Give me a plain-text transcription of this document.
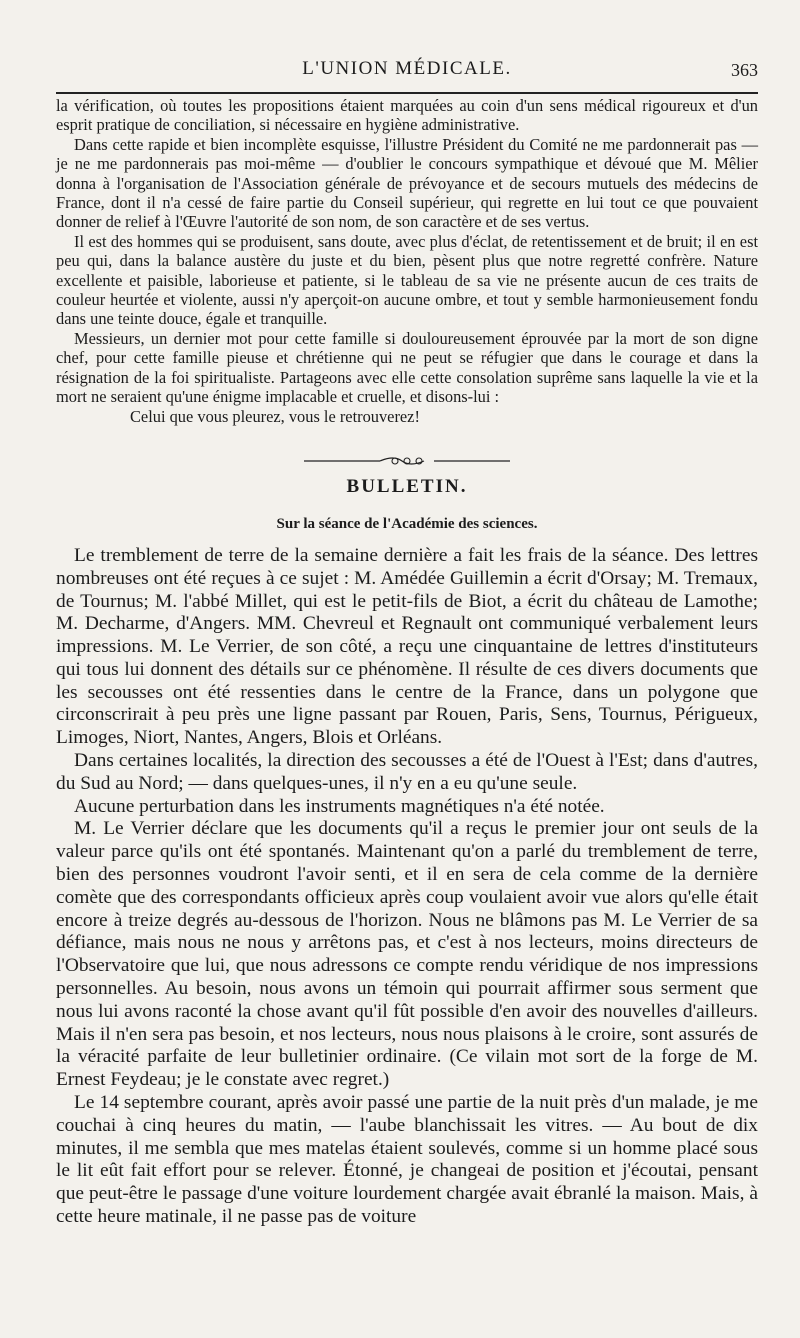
L'UNION MÉDICALE.	363

la vérification, où toutes les propositions étaient marquées au coin d'un sens médical rigoureux et d'un esprit pratique de conciliation, si nécessaire en hygiène administrative.

Dans cette rapide et bien incomplète esquisse, l'illustre Président du Comité ne me pardonnerait pas — je ne me pardonnerais pas moi-même — d'oublier le concours sympathique et dévoué que M. Mêlier donna à l'organisation de l'Association générale de prévoyance et de secours mutuels des médecins de France, dont il n'a cessé de faire partie du Conseil supérieur, qui regrette en lui tout ce que pouvaient donner de relief à l'Œuvre l'autorité de son nom, de son caractère et de ses vertus.

Il est des hommes qui se produisent, sans doute, avec plus d'éclat, de retentissement et de bruit; il en est peu qui, dans la balance austère du juste et du bien, pèsent plus que notre regretté confrère. Nature excellente et paisible, laborieuse et patiente, si le tableau de sa vie ne présente aucun de ces traits de couleur heurtée et violente, aussi n'y aperçoit-on aucune ombre, et tout y semble harmonieusement fondu dans une teinte douce, égale et tranquille.

Messieurs, un dernier mot pour cette famille si douloureusement éprouvée par la mort de son digne chef, pour cette famille pieuse et chrétienne qui ne peut se réfugier que dans le courage et dans la résignation de la foi spiritualiste. Partageons avec elle cette consolation suprême sans laquelle la vie et la mort ne seraient qu'une énigme implacable et cruelle, et disons-lui :

Celui que vous pleurez, vous le retrouverez!

BULLETIN.
Sur la séance de l'Académie des sciences.

Le tremblement de terre de la semaine dernière a fait les frais de la séance. Des lettres nombreuses ont été reçues à ce sujet : M. Amédée Guillemin a écrit d'Orsay; M. Tremaux, de Tournus; M. l'abbé Millet, qui est le petit-fils de Biot, a écrit du château de Lamothe; M. Decharme, d'Angers. MM. Chevreul et Regnault ont communiqué verbalement leurs impressions. M. Le Verrier, de son côté, a reçu une cinquantaine de lettres d'instituteurs qui tous lui donnent des détails sur ce phénomène. Il résulte de ces divers documents que les secousses ont été ressenties dans le centre de la France, dans un polygone que circonscrirait à peu près une ligne passant par Rouen, Paris, Sens, Tournus, Périgueux, Limoges, Niort, Nantes, Angers, Blois et Orléans.

Dans certaines localités, la direction des secousses a été de l'Ouest à l'Est; dans d'autres, du Sud au Nord; — dans quelques-unes, il n'y en a eu qu'une seule.

Aucune perturbation dans les instruments magnétiques n'a été notée.

M. Le Verrier déclare que les documents qu'il a reçus le premier jour ont seuls de la valeur parce qu'ils ont été spontanés. Maintenant qu'on a parlé du tremblement de terre, bien des personnes voudront l'avoir senti, et il en sera de cela comme de la dernière comète que des correspondants officieux après coup voulaient avoir vue alors qu'elle était encore à treize degrés au-dessous de l'horizon. Nous ne blâmons pas M. Le Verrier de sa défiance, mais nous ne nous y arrêtons pas, et c'est à nos lecteurs, moins directeurs de l'Observatoire que lui, que nous adressons ce compte rendu véridique de nos impressions personnelles. Au besoin, nous avons un témoin qui pourrait affirmer sous serment que nous lui avons raconté la chose avant qu'il fût possible d'en avoir des nouvelles d'ailleurs. Mais il n'en sera pas besoin, et nos lecteurs, nous nous plaisons à le croire, sont assurés de la véracité parfaite de leur bulletinier ordinaire. (Ce vilain mot sort de la forge de M. Ernest Feydeau; je le constate avec regret.)

Le 14 septembre courant, après avoir passé une partie de la nuit près d'un malade, je me couchai à cinq heures du matin, — l'aube blanchissait les vitres. — Au bout de dix minutes, il me sembla que mes matelas étaient soulevés, comme si un homme placé sous le lit eût fait effort pour se relever. Étonné, je changeai de position et j'écoutai, pensant que peut-être le passage d'une voiture lourdement chargée avait ébranlé la maison. Mais, à cette heure matinale, il ne passe pas de voiture
